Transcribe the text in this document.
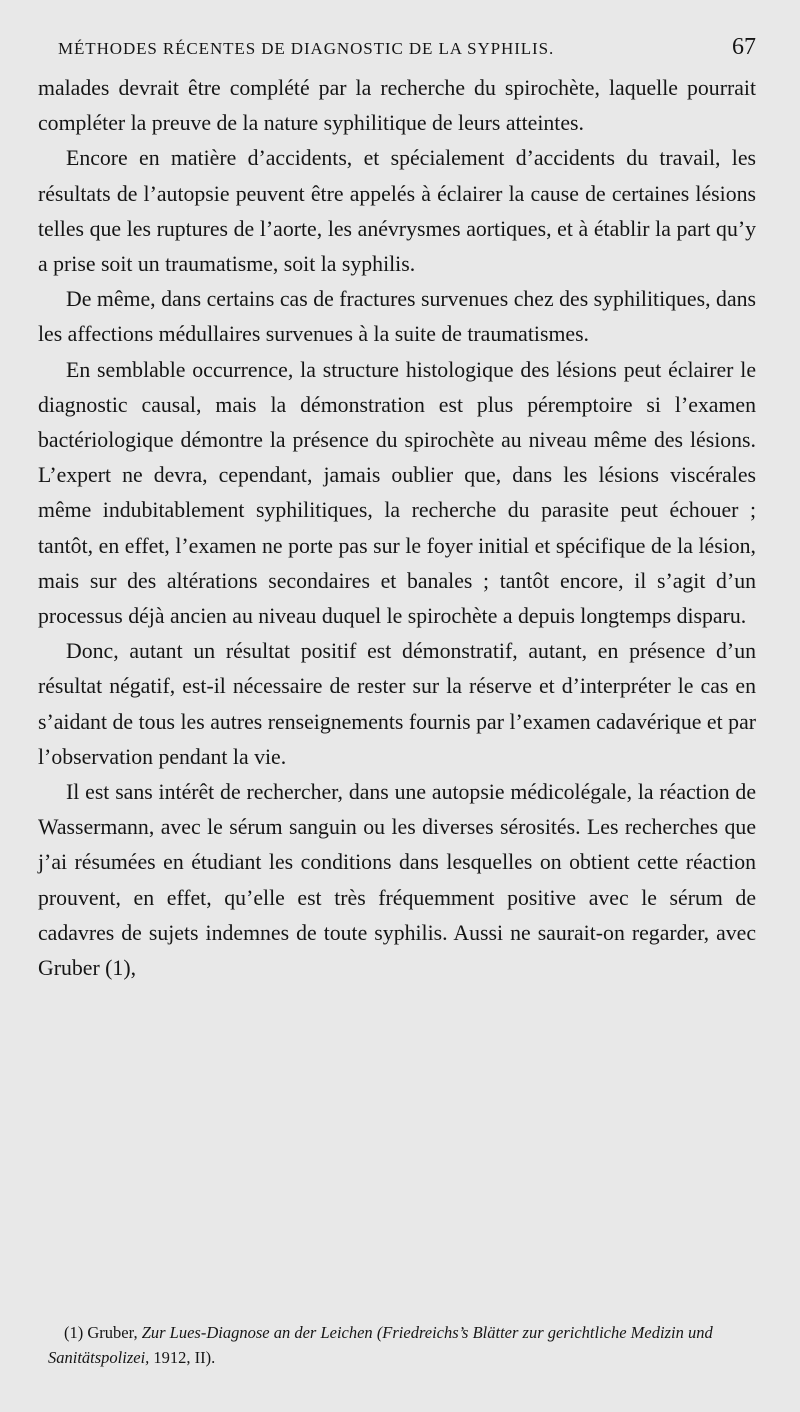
MÉTHODES RÉCENTES DE DIAGNOSTIC DE LA SYPHILIS.	67

malades devrait être complété par la recherche du spirochète, laquelle pourrait compléter la preuve de la nature syphilitique de leurs atteintes.

Encore en matière d’accidents, et spécialement d’accidents du travail, les résultats de l’autopsie peuvent être appelés à éclairer la cause de certaines lésions telles que les ruptures de l’aorte, les anévrysmes aortiques, et à établir la part qu’y a prise soit un traumatisme, soit la syphilis.

De même, dans certains cas de fractures survenues chez des syphilitiques, dans les affections médullaires survenues à la suite de traumatismes.

En semblable occurrence, la structure histologique des lésions peut éclairer le diagnostic causal, mais la démonstration est plus péremptoire si l’examen bactériologique démontre la présence du spirochète au niveau même des lésions. L’expert ne devra, cependant, jamais oublier que, dans les lésions viscérales même indubitablement syphilitiques, la recherche du parasite peut échouer ; tantôt, en effet, l’examen ne porte pas sur le foyer initial et spécifique de la lésion, mais sur des altérations secondaires et banales ; tantôt encore, il s’agit d’un processus déjà ancien au niveau duquel le spirochète a depuis longtemps disparu.

Donc, autant un résultat positif est démonstratif, autant, en présence d’un résultat négatif, est-il nécessaire de rester sur la réserve et d’interpréter le cas en s’aidant de tous les autres renseignements fournis par l’examen cadavérique et par l’observation pendant la vie.

Il est sans intérêt de rechercher, dans une autopsie médicolégale, la réaction de Wassermann, avec le sérum sanguin ou les diverses sérosités. Les recherches que j’ai résumées en étudiant les conditions dans lesquelles on obtient cette réaction prouvent, en effet, qu’elle est très fréquemment positive avec le sérum de cadavres de sujets indemnes de toute syphilis. Aussi ne saurait-on regarder, avec Gruber (1),

(1) Gruber, Zur Lues-Diagnose an der Leichen (Friedreichs’s Blätter zur gerichtliche Medizin und Sanitätspolizei, 1912, II).
